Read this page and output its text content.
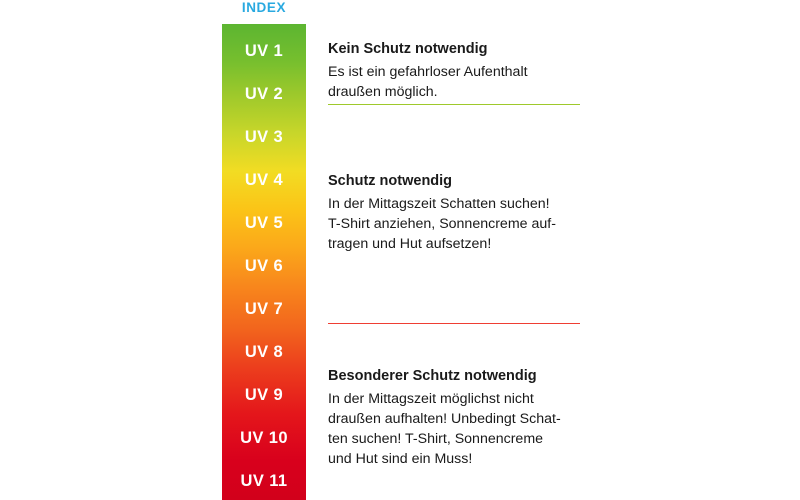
INDEX
UV 1
UV 2
UV 3
UV 4
UV 5
UV 6
UV 7
UV 8
UV 9
UV 10
UV 11

Kein Schutz notwendig

Es ist ein gefahrloser Aufenthalt
draußen möglich.

Schutz notwendig

In der Mittagszeit Schatten suchen!
T-Shirt anziehen, Sonnencreme auf-
tragen und Hut aufsetzen!

Besonderer Schutz notwendig

In der Mittagszeit möglichst nicht
draußen aufhalten! Unbedingt Schat-
ten suchen! T-Shirt, Sonnencreme
und Hut sind ein Muss!
